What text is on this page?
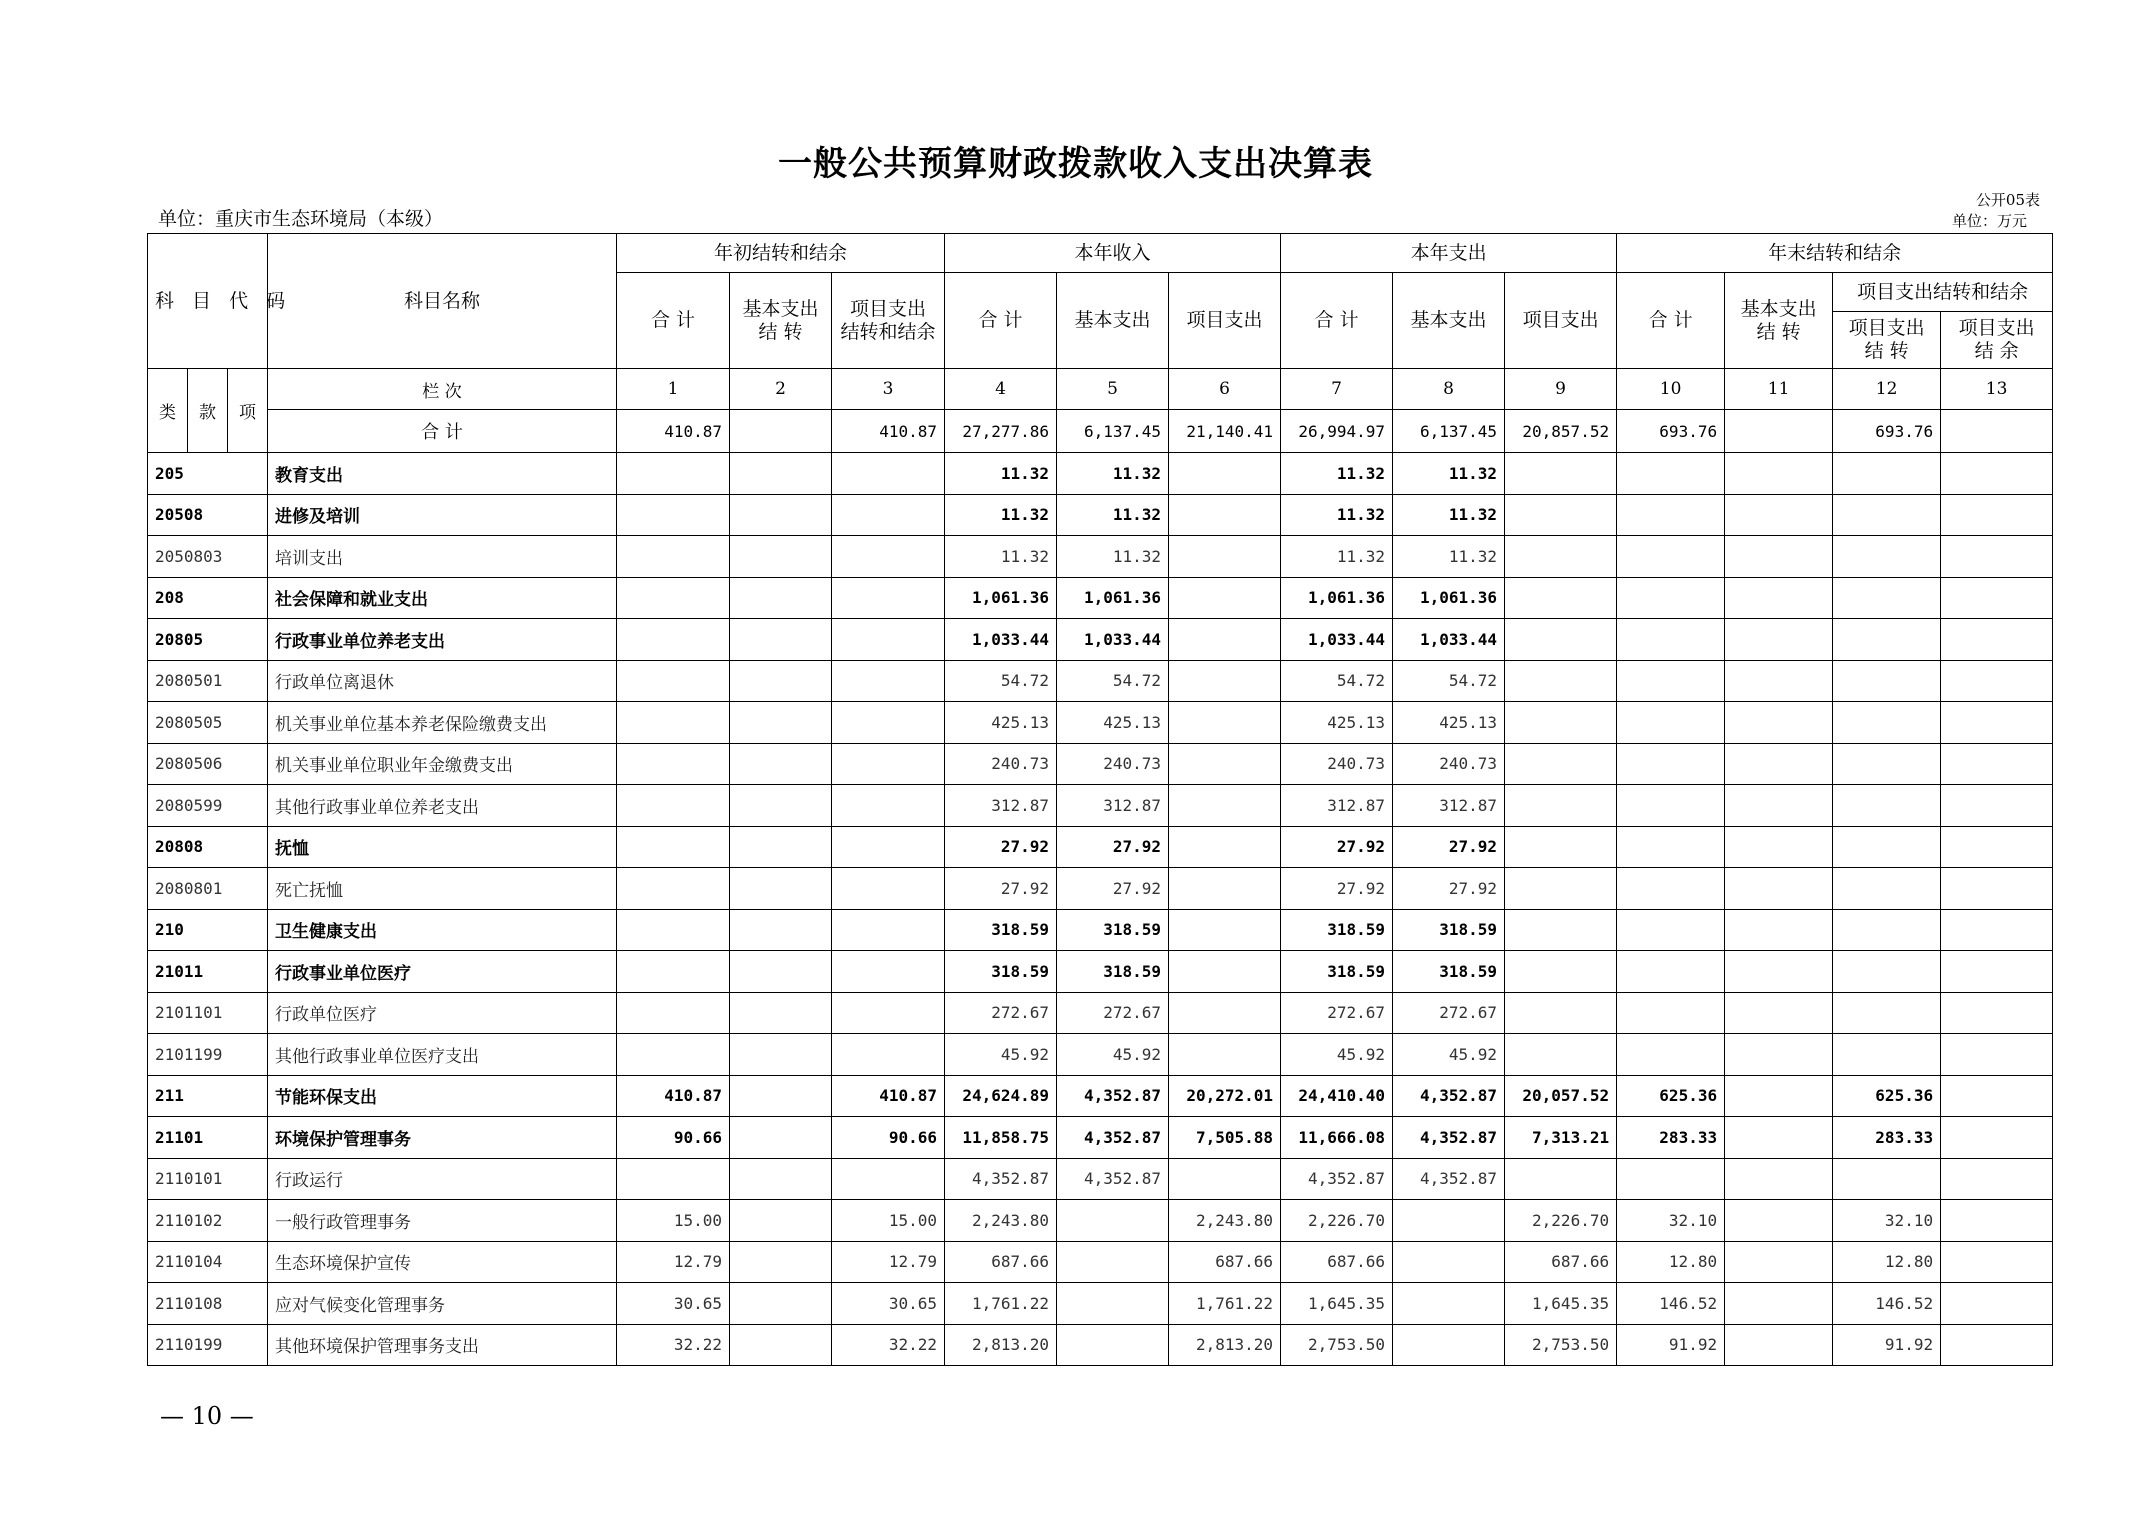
一般公共预算财政拨款收入支出决算表
单位：重庆市生态环境局（本级）
公开05表
单位：万元
科 目 代 码			科目名称	年初结转和结余			本年收入			本年支出			年末结转和结余			
				合 计	基本支出 结 转	项目支出 结转和结余	合 计	基本支出	项目支出	合 计	基本支出	项目支出	合 计	基本支出 结 转	项目支出结转和结余	
															项目支出 结 转	项目支出 结 余
类	款	项	栏 次	1	2	3	4	5	6	7	8	9	10	11	12	13
			合 计	410.87		410.87	27,277.86	6,137.45	21,140.41	26,994.97	6,137.45	20,857.52	693.76		693.76	
205			教育支出				11.32	11.32		11.32	11.32					
20508			进修及培训				11.32	11.32		11.32	11.32					
2050803			培训支出				11.32	11.32		11.32	11.32					
208			社会保障和就业支出				1,061.36	1,061.36		1,061.36	1,061.36					
20805			行政事业单位养老支出				1,033.44	1,033.44		1,033.44	1,033.44					
2080501			行政单位离退休				54.72	54.72		54.72	54.72					
2080505			机关事业单位基本养老保险缴费支出				425.13	425.13		425.13	425.13					
2080506			机关事业单位职业年金缴费支出				240.73	240.73		240.73	240.73					
2080599			其他行政事业单位养老支出				312.87	312.87		312.87	312.87					
20808			抚恤				27.92	27.92		27.92	27.92					
2080801			死亡抚恤				27.92	27.92		27.92	27.92					
210			卫生健康支出				318.59	318.59		318.59	318.59					
21011			行政事业单位医疗				318.59	318.59		318.59	318.59					
2101101			行政单位医疗				272.67	272.67		272.67	272.67					
2101199			其他行政事业单位医疗支出				45.92	45.92		45.92	45.92					
211			节能环保支出	410.87		410.87	24,624.89	4,352.87	20,272.01	24,410.40	4,352.87	20,057.52	625.36		625.36	
21101			环境保护管理事务	90.66		90.66	11,858.75	4,352.87	7,505.88	11,666.08	4,352.87	7,313.21	283.33		283.33	
2110101			行政运行				4,352.87	4,352.87		4,352.87	4,352.87					
2110102			一般行政管理事务	15.00		15.00	2,243.80		2,243.80	2,226.70		2,226.70	32.10		32.10	
2110104			生态环境保护宣传	12.79		12.79	687.66		687.66	687.66		687.66	12.80		12.80	
2110108			应对气候变化管理事务	30.65		30.65	1,761.22		1,761.22	1,645.35		1,645.35	146.52		146.52	
2110199			其他环境保护管理事务支出	32.22		32.22	2,813.20		2,813.20	2,753.50		2,753.50	91.92		91.92	
— 10 —
